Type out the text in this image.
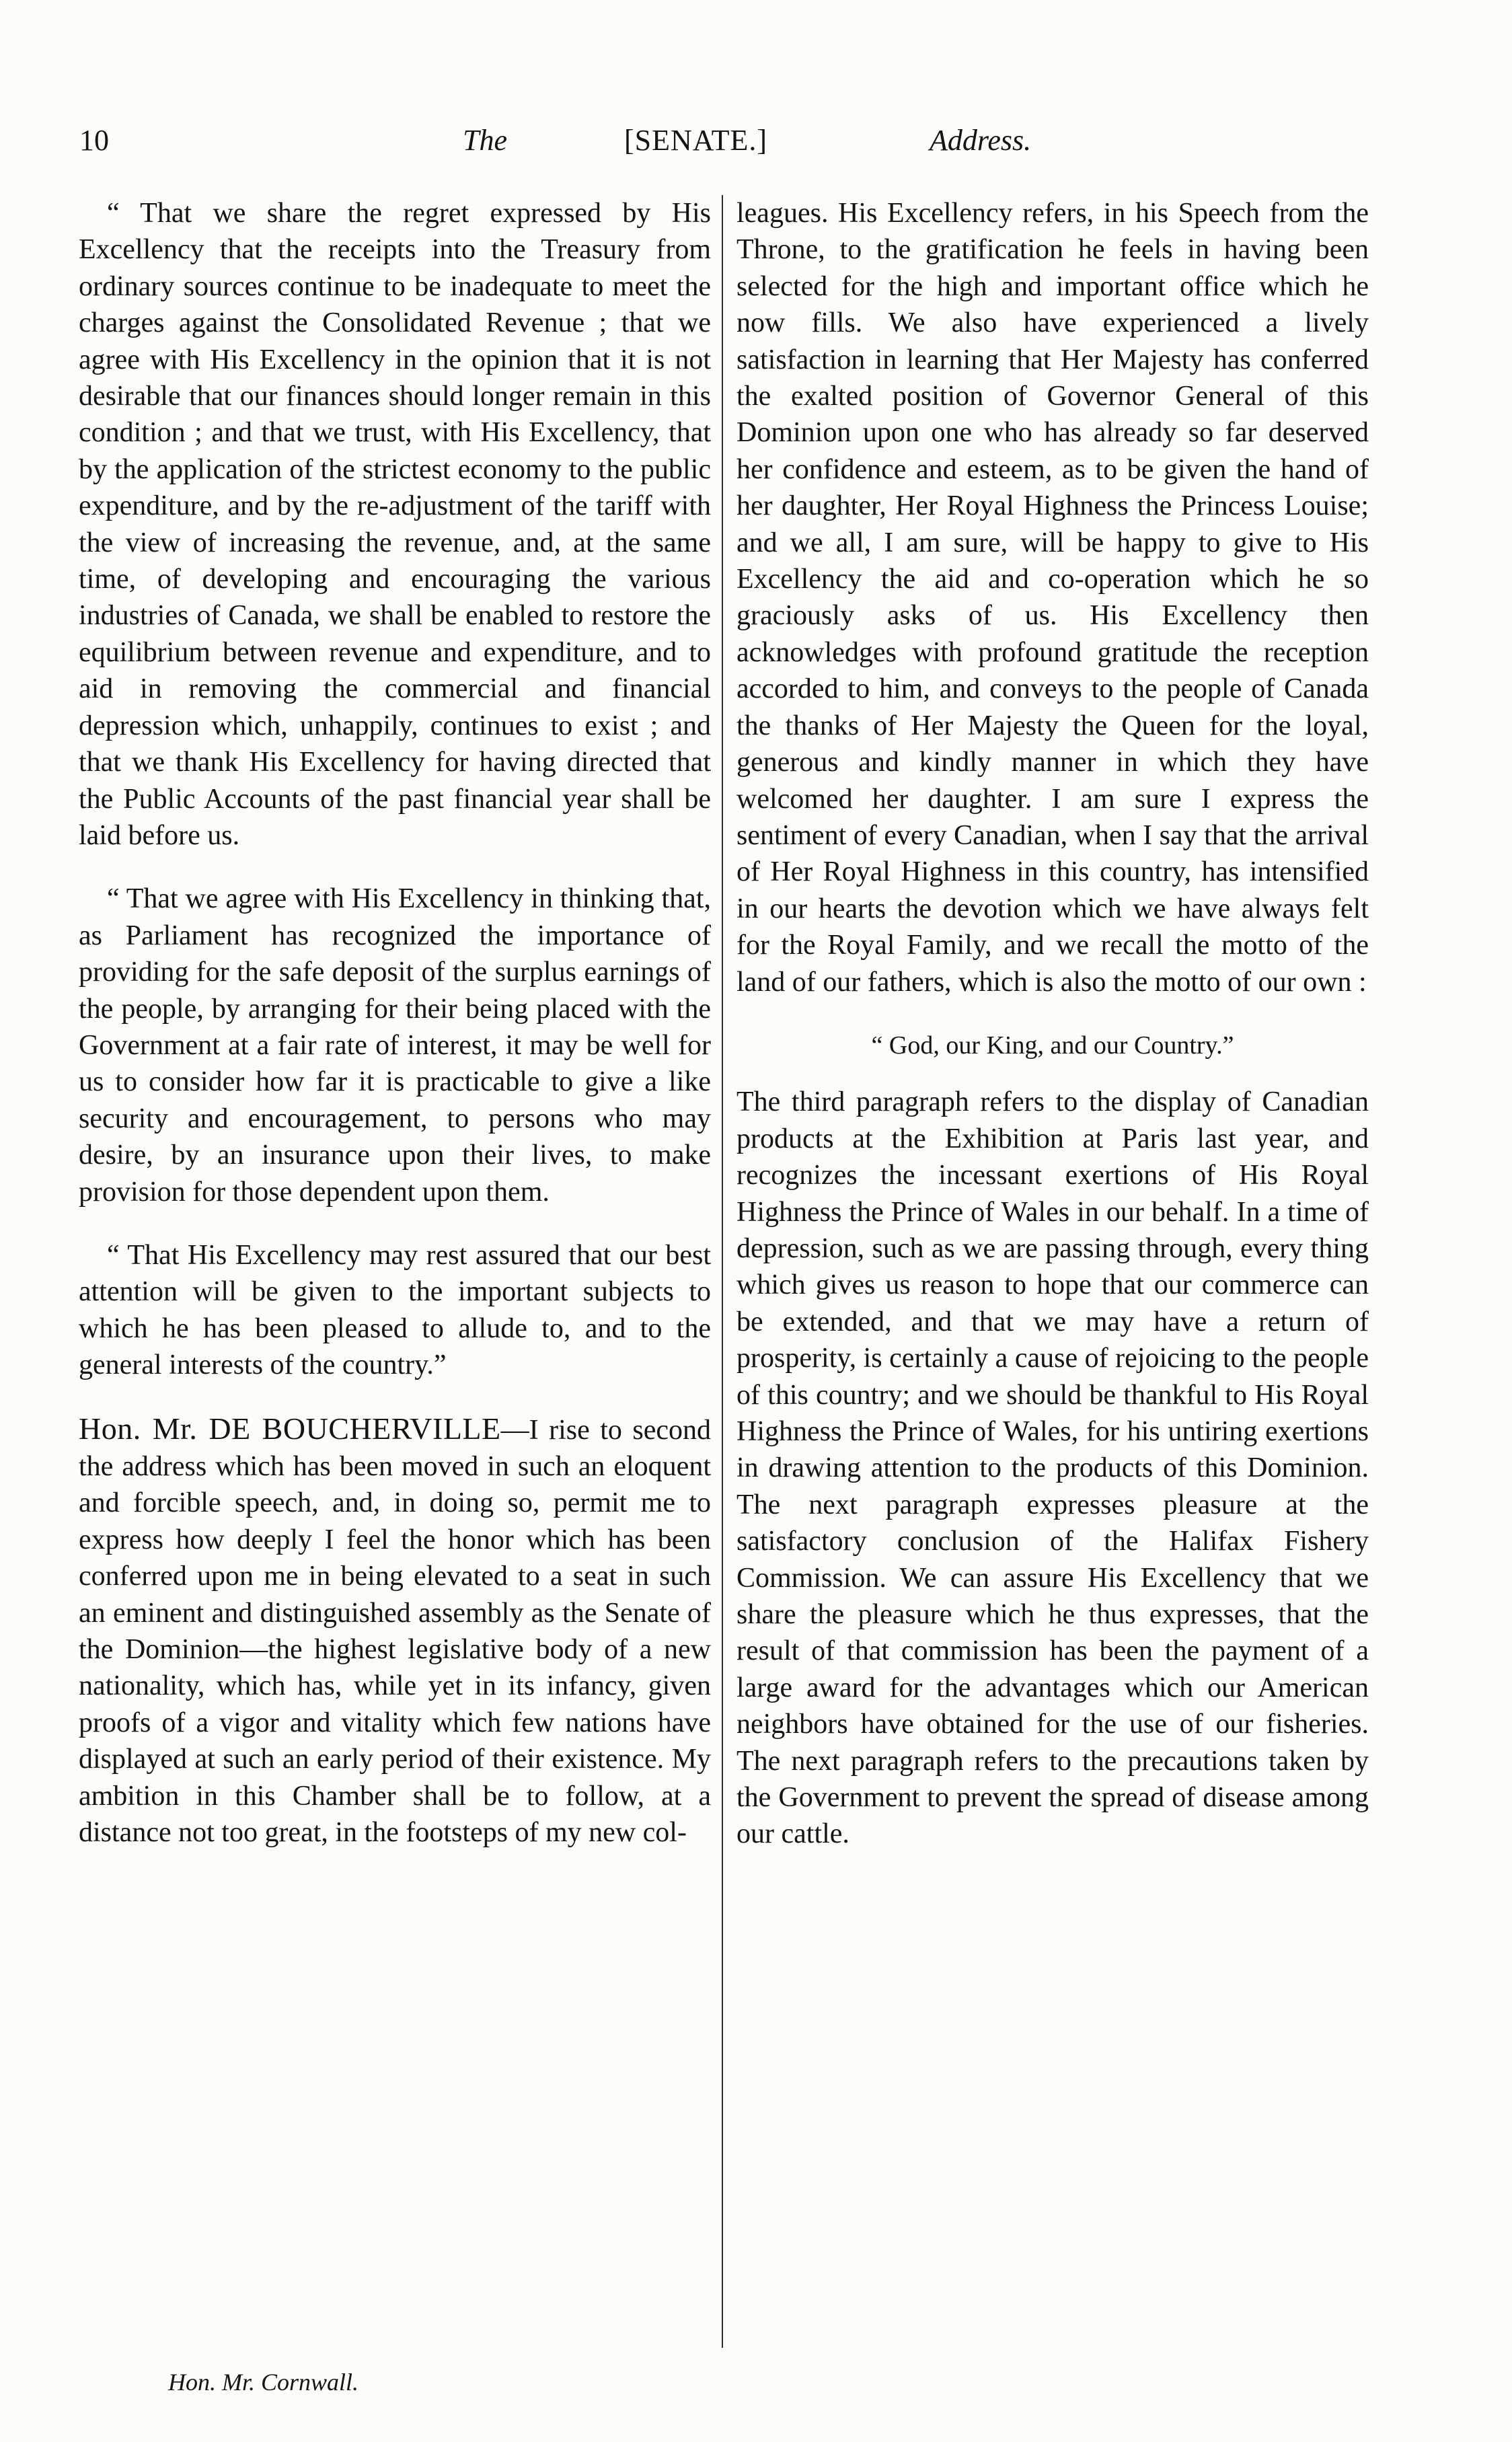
10	The	[SENATE.]	Address.

“ That we share the regret expressed by His Excellency that the receipts into the Treasury from ordinary sources continue to be inadequate to meet the charges against the Consolidated Revenue ; that we agree with His Excellency in the opinion that it is not desirable that our finances should longer remain in this condition ; and that we trust, with His Excellency, that by the application of the strictest economy to the public expenditure, and by the re-adjustment of the tariff with the view of increasing the revenue, and, at the same time, of developing and encouraging the various industries of Canada, we shall be enabled to restore the equilibrium between revenue and expenditure, and to aid in removing the commercial and financial depression which, unhappily, continues to exist ; and that we thank His Excellency for having directed that the Public Accounts of the past financial year shall be laid before us.

“ That we agree with His Excellency in thinking that, as Parliament has recognized the importance of providing for the safe deposit of the surplus earnings of the people, by arranging for their being placed with the Government at a fair rate of interest, it may be well for us to consider how far it is practicable to give a like security and encouragement, to persons who may desire, by an insurance upon their lives, to make provision for those dependent upon them.

“ That His Excellency may rest assured that our best attention will be given to the important subjects to which he has been pleased to allude to, and to the general interests of the country.”

Hon. Mr. DE BOUCHERVILLE—I rise to second the address which has been moved in such an eloquent and forcible speech, and, in doing so, permit me to express how deeply I feel the honor which has been conferred upon me in being elevated to a seat in such an eminent and distinguished assembly as the Senate of the Dominion—the highest legislative body of a new nationality, which has, while yet in its infancy, given proofs of a vigor and vitality which few nations have displayed at such an early period of their existence. My ambition in this Chamber shall be to follow, at a distance not too great, in the footsteps of my new col-

leagues. His Excellency refers, in his Speech from the Throne, to the gratification he feels in having been selected for the high and important office which he now fills. We also have experienced a lively satisfaction in learning that Her Majesty has conferred the exalted position of Governor General of this Dominion upon one who has already so far deserved her confidence and esteem, as to be given the hand of her daughter, Her Royal Highness the Princess Louise; and we all, I am sure, will be happy to give to His Excellency the aid and co-operation which he so graciously asks of us. His Excellency then acknowledges with profound gratitude the reception accorded to him, and conveys to the people of Canada the thanks of Her Majesty the Queen for the loyal, generous and kindly manner in which they have welcomed her daughter. I am sure I express the sentiment of every Canadian, when I say that the arrival of Her Royal Highness in this country, has intensified in our hearts the devotion which we have always felt for the Royal Family, and we recall the motto of the land of our fathers, which is also the motto of our own :

“ God, our King, and our Country.”

The third paragraph refers to the display of Canadian products at the Exhibition at Paris last year, and recognizes the incessant exertions of His Royal Highness the Prince of Wales in our behalf. In a time of depression, such as we are passing through, every thing which gives us reason to hope that our commerce can be extended, and that we may have a return of prosperity, is certainly a cause of rejoicing to the people of this country; and we should be thankful to His Royal Highness the Prince of Wales, for his untiring exertions in drawing attention to the products of this Dominion. The next paragraph expresses pleasure at the satisfactory conclusion of the Halifax Fishery Commission. We can assure His Excellency that we share the pleasure which he thus expresses, that the result of that commission has been the payment of a large award for the advantages which our American neighbors have obtained for the use of our fisheries. The next paragraph refers to the precautions taken by the Government to prevent the spread of disease among our cattle.

Hon. Mr. Cornwall.
